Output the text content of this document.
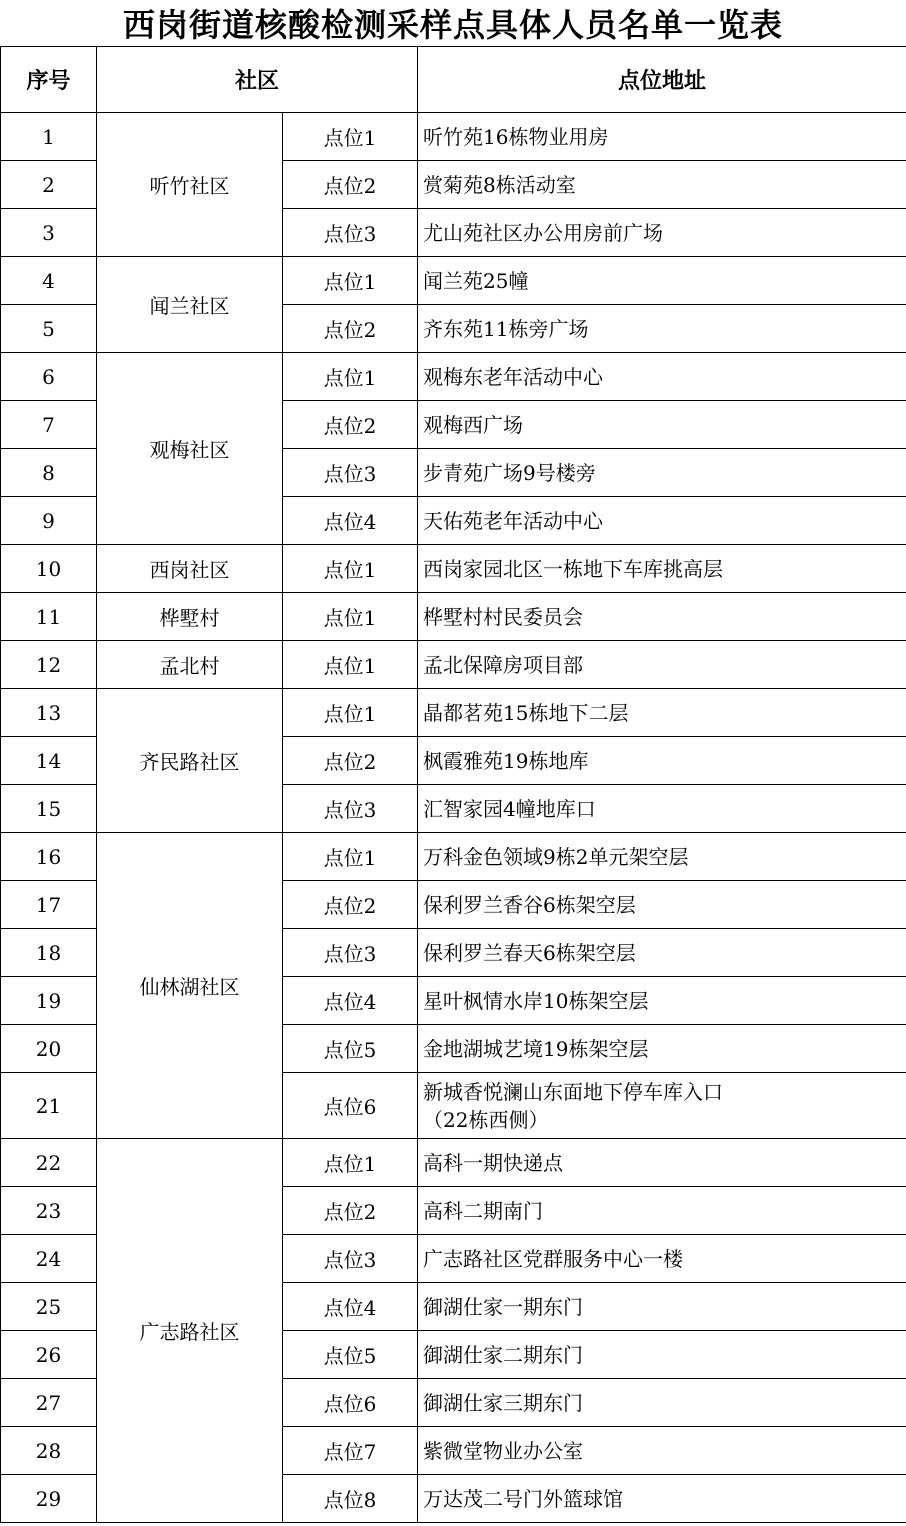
西岗街道核酸检测采样点具体人员名单一览表
序号	社区		点位地址
1	听竹社区	点位1	听竹苑16栋物业用房
2		点位2	赏菊苑8栋活动室
3		点位3	尤山苑社区办公用房前广场
4	闻兰社区	点位1	闻兰苑25幢
5		点位2	齐东苑11栋旁广场
6	观梅社区	点位1	观梅东老年活动中心
7		点位2	观梅西广场
8		点位3	步青苑广场9号楼旁
9		点位4	天佑苑老年活动中心
10	西岗社区	点位1	西岗家园北区一栋地下车库挑高层
11	桦墅村	点位1	桦墅村村民委员会
12	孟北村	点位1	孟北保障房项目部
13	齐民路社区	点位1	晶都茗苑15栋地下二层
14		点位2	枫霞雅苑19栋地库
15		点位3	汇智家园4幢地库口
16	仙林湖社区	点位1	万科金色领域9栋2单元架空层
17		点位2	保利罗兰香谷6栋架空层
18		点位3	保利罗兰春天6栋架空层
19		点位4	星叶枫情水岸10栋架空层
20		点位5	金地湖城艺境19栋架空层
21		点位6	新城香悦澜山东面地下停车库入口
（22栋西侧）
22	广志路社区	点位1	高科一期快递点
23		点位2	高科二期南门
24		点位3	广志路社区党群服务中心一楼
25		点位4	御湖仕家一期东门
26		点位5	御湖仕家二期东门
27		点位6	御湖仕家三期东门
28		点位7	紫微堂物业办公室
29		点位8	万达茂二号门外篮球馆
